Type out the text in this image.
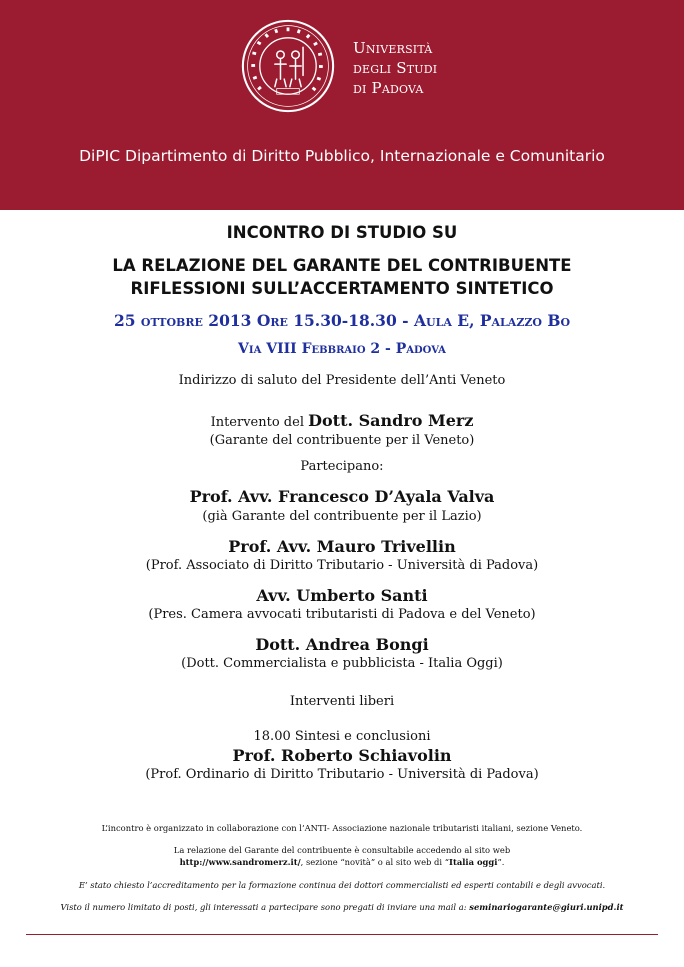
Università
degli Studi
di Padova
DiPIC Dipartimento di Diritto Pubblico, Internazionale e Comunitario
INCONTRO DI STUDIO SU
LA RELAZIONE DEL GARANTE DEL CONTRIBUENTE
RIFLESSIONI SULL’ACCERTAMENTO SINTETICO
25 ottobre 2013 Ore 15.30-18.30 - Aula E, Palazzo Bo
Via VIII Febbraio 2 - Padova
Indirizzo di saluto del Presidente dell’Anti Veneto
Intervento del Dott. Sandro Merz
(Garante del contribuente per il Veneto)
Partecipano:
Prof. Avv. Francesco D’Ayala Valva
(già Garante del contribuente per il Lazio)
Prof. Avv. Mauro Trivellin
(Prof. Associato di Diritto Tributario - Università di Padova)
Avv. Umberto Santi
(Pres. Camera avvocati tributaristi di Padova e del Veneto)
Dott. Andrea Bongi
(Dott. Commercialista e pubblicista - Italia Oggi)
Interventi liberi
18.00 Sintesi e conclusioni
Prof. Roberto Schiavolin
(Prof. Ordinario di Diritto Tributario - Università di Padova)
L’incontro è organizzato in collaborazione con l’ANTI- Associazione nazionale tributaristi italiani, sezione Veneto.
La relazione del Garante del contribuente è consultabile accedendo al sito web
http://www.sandromerz.it/, sezione “novità” o al sito web di “Italia oggi”.
E’ stato chiesto l’accreditamento per la formazione continua dei dottori commercialisti ed esperti contabili e degli avvocati.
Visto il numero limitato di posti, gli interessati a partecipare sono pregati di inviare una mail a: seminariogarante@giuri.unipd.it
